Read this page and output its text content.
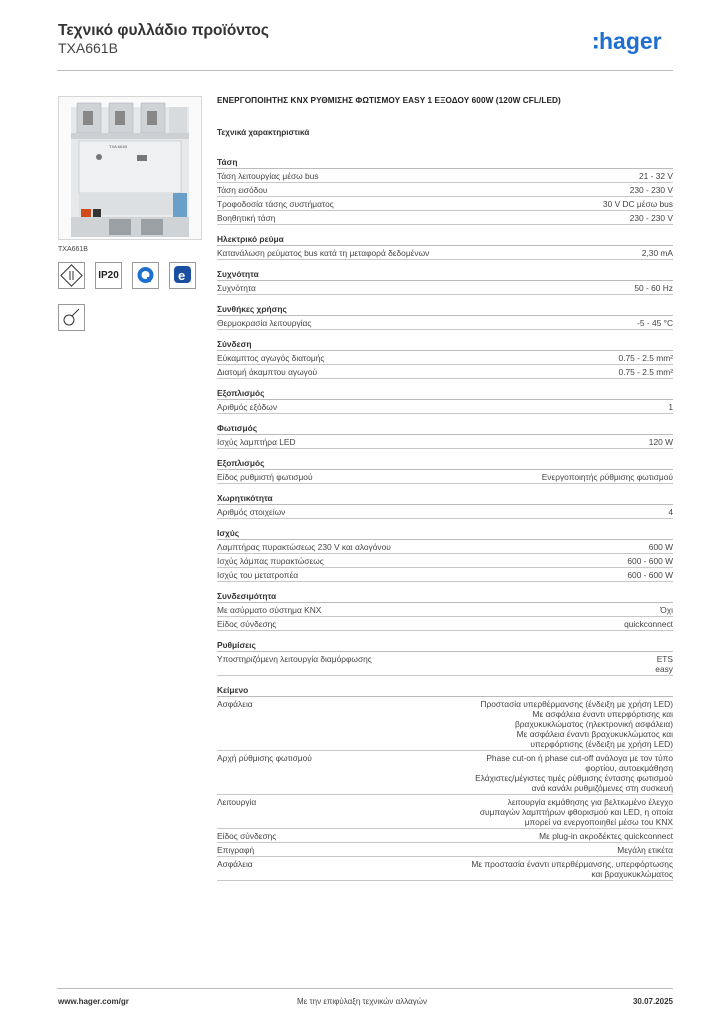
Τεχνικό φυλλάδιο προϊόντος
TXA661B	hager
TXA 661B
TXA661B
IP20	e
ΕΝΕΡΓΟΠΟΙΗΤΗΣ KNX ΡΥΘΜΙΣΗΣ ΦΩΤΙΣΜΟΥ EASY 1 ΕΞΟΔΟΥ 600W (120W CFL/LED)
Τεχνικά χαρακτηριστικά
Τάση
Τάση λειτουργίας μέσω bus	21 - 32 V
Τάση εισόδου	230 - 230 V
Τροφοδοσία τάσης συστήματος	30 V DC μέσω bus
Βοηθητική τάση	230 - 230 V
Ηλεκτρικό ρεύμα
Κατανάλωση ρεύματος bus κατά τη μεταφορά δεδομένων	2,30 mA
Συχνότητα
Συχνότητα	50 - 60 Hz
Συνθήκες χρήσης
Θερμοκρασία λειτουργίας	-5 - 45 °C
Σύνδεση
Εύκαμπτος αγωγός διατομής	0.75 - 2.5 mm²
Διατομή άκαμπτου αγωγού	0.75 - 2.5 mm²
Εξοπλισμός
Αριθμός εξόδων	1
Φωτισμός
Ισχύς λαμπτήρα LED	120 W
Εξοπλισμός
Είδος ρυθμιστή φωτισμού	Ενεργοποιητής ρύθμισης φωτισμού
Χωρητικότητα
Αριθμός στοιχείων	4
Ισχύς
Λαμπτήρας πυρακτώσεως 230 V και αλογόνου	600 W
Ισχύς λάμπας πυρακτώσεως	600 - 600 W
Ισχύς του μετατροπέα	600 - 600 W
Συνδεσιμότητα
Με ασύρματο σύστημα KNX	Όχι
Είδος σύνδεσης	quickconnect
Ρυθμίσεις
Υποστηριζόμενη λειτουργία διαμόρφωσης	ETS
easy
Κείμενο
Ασφάλεια	Προστασία υπερθέρμανσης (ένδειξη με χρήση LED)
Με ασφάλεια έναντι υπερφόρτισης και βραχυκυκλώματος (ηλεκτρονική ασφάλεια)
Με ασφάλεια έναντι βραχυκυκλώματος και υπερφόρτισης (ένδειξη με χρήση LED)
Αρχή ρύθμισης φωτισμού	Phase cut-on ή phase cut-off ανάλογα με τον τύπο φορτίου, αυτοεκμάθηση
Ελάχιστες/μέγιστες τιμές ρύθμισης έντασης φωτισμού ανά κανάλι ρυθμιζόμενες στη συσκευή
Λειτουργία	λειτουργία εκμάθησης για βελτιωμένο έλεγχο συμπαγών λαμπτήρων φθορισμού και LED, η οποία μπορεί να ενεργοποιηθεί μέσω του KNX
Είδος σύνδεσης	Με plug-in ακροδέκτες quickconnect
Επιγραφή	Μεγάλη ετικέτα
Ασφάλεια	Με προστασία έναντι υπερθέρμανσης, υπερφόρτωσης και βραχυκυκλώματος
www.hager.com/gr	Με την επιφύλαξη τεχνικών αλλαγών	30.07.2025
